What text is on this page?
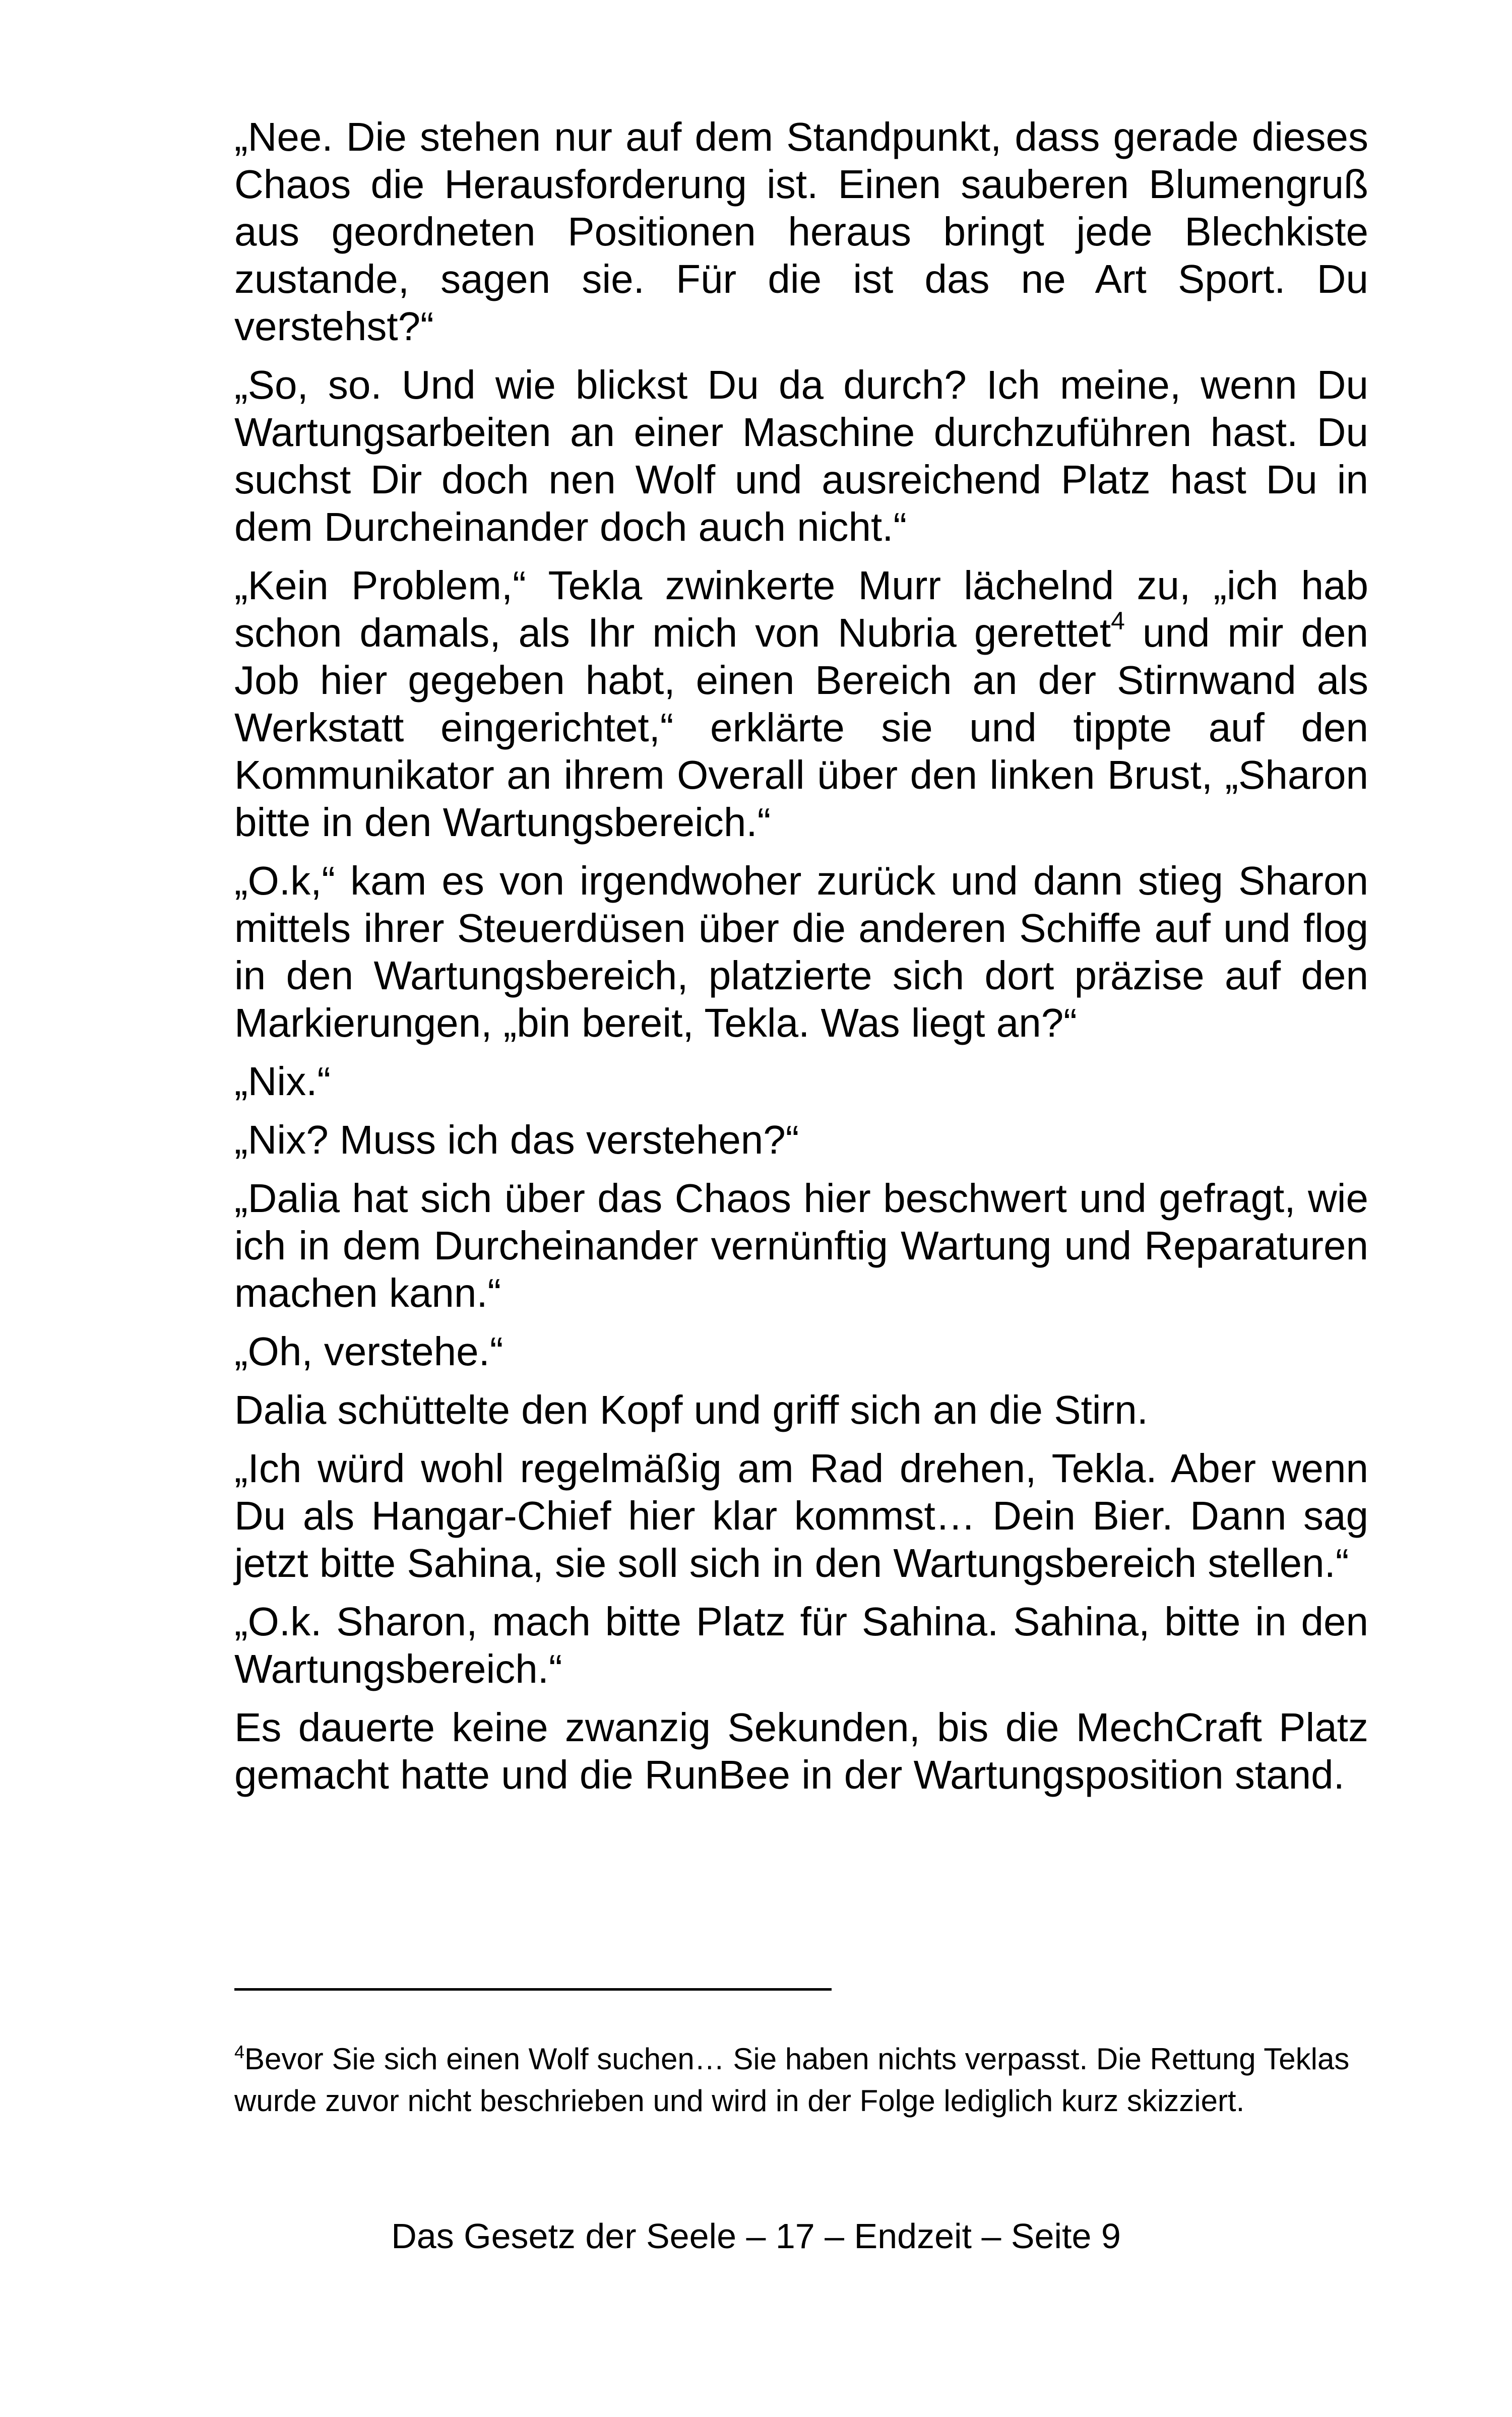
„Nee. Die stehen nur auf dem Standpunkt, dass gerade dieses Chaos die Herausforderung ist. Einen sauberen Blumengruß aus geordneten Positionen heraus bringt jede Blechkiste zustande, sagen sie. Für die ist das ne Art Sport. Du verstehst?“

„So, so. Und wie blickst Du da durch? Ich meine, wenn Du Wartungsarbeiten an einer Maschine durchzuführen hast. Du suchst Dir doch nen Wolf und ausreichend Platz hast Du in dem Durcheinander doch auch nicht.“

„Kein Problem,“ Tekla zwinkerte Murr lächelnd zu, „ich hab schon damals, als Ihr mich von Nubria gerettet$^4$ und mir den Job hier gegeben habt, einen Bereich an der Stirnwand als Werkstatt eingerichtet,“ erklärte sie und tippte auf den Kommunikator an ihrem Overall über den linken Brust, „Sharon bitte in den Wartungsbereich.“

„O.k,“ kam es von irgendwoher zurück und dann stieg Sharon mittels ihrer Steuerdüsen über die anderen Schiffe auf und flog in den Wartungsbereich, platzierte sich dort präzise auf den Markierungen, „bin bereit, Tekla. Was liegt an?“

„Nix.“

„Nix? Muss ich das verstehen?“

„Dalia hat sich über das Chaos hier beschwert und gefragt, wie ich in dem Durcheinander vernünftig Wartung und Reparaturen machen kann.“

„Oh, verstehe.“

Dalia schüttelte den Kopf und griff sich an die Stirn.

„Ich würd wohl regelmäßig am Rad drehen, Tekla. Aber wenn Du als Hangar-Chief hier klar kommst… Dein Bier. Dann sag jetzt bitte Sahina, sie soll sich in den Wartungsbereich stellen.“

„O.k. Sharon, mach bitte Platz für Sahina. Sahina, bitte in den Wartungsbereich.“

Es dauerte keine zwanzig Sekunden, bis die MechCraft Platz gemacht hatte und die RunBee in der Wartungsposition stand.

$^4$Bevor Sie sich einen Wolf suchen… Sie haben nichts verpasst. Die Rettung Teklas wurde zuvor nicht beschrieben und wird in der Folge lediglich kurz skizziert.
Das Gesetz der Seele – 17 – Endzeit – Seite 9
